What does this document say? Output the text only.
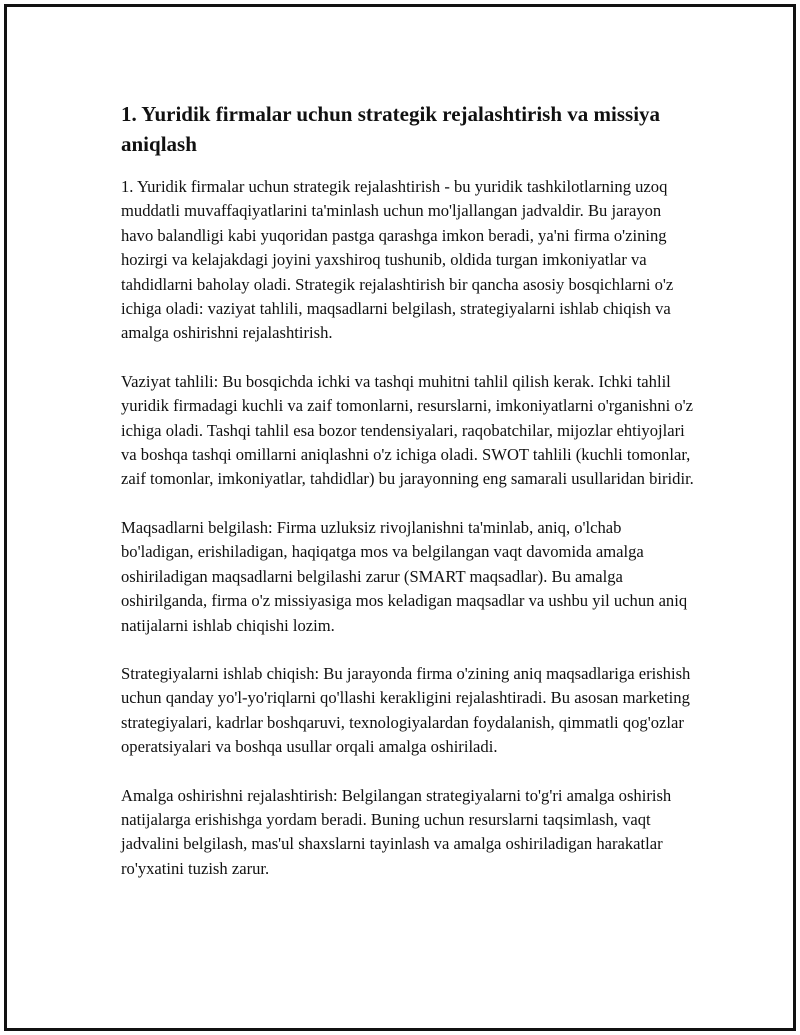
1. Yuridik firmalar uchun strategik rejalashtirish va missiya aniqlash

1. Yuridik firmalar uchun strategik rejalashtirish - bu yuridik tashkilotlarning uzoq muddatli muvaffaqiyatlarini ta'minlash uchun mo'ljallangan jadvaldir. Bu jarayon havo balandligi kabi yuqoridan pastga qarashga imkon beradi, ya'ni firma o'zining hozirgi va kelajakdagi joyini yaxshiroq tushunib, oldida turgan imkoniyatlar va tahdidlarni baholay oladi. Strategik rejalashtirish bir qancha asosiy bosqichlarni o'z ichiga oladi: vaziyat tahlili, maqsadlarni belgilash, strategiyalarni ishlab chiqish va amalga oshirishni rejalashtirish.

Vaziyat tahlili: Bu bosqichda ichki va tashqi muhitni tahlil qilish kerak. Ichki tahlil yuridik firmadagi kuchli va zaif tomonlarni, resurslarni, imkoniyatlarni o'rganishni o'z ichiga oladi. Tashqi tahlil esa bozor tendensiyalari, raqobatchilar, mijozlar ehtiyojlari va boshqa tashqi omillarni aniqlashni o'z ichiga oladi. SWOT tahlili (kuchli tomonlar, zaif tomonlar, imkoniyatlar, tahdidlar) bu jarayonning eng samarali usullaridan biridir.

Maqsadlarni belgilash: Firma uzluksiz rivojlanishni ta'minlab, aniq, o'lchab bo'ladigan, erishiladigan, haqiqatga mos va belgilangan vaqt davomida amalga oshiriladigan maqsadlarni belgilashi zarur (SMART maqsadlar). Bu amalga oshirilganda, firma o'z missiyasiga mos keladigan maqsadlar va ushbu yil uchun aniq natijalarni ishlab chiqishi lozim.

Strategiyalarni ishlab chiqish: Bu jarayonda firma o'zining aniq maqsadlariga erishish uchun qanday yo'l-yo'riqlarni qo'llashi kerakligini rejalashtiradi. Bu asosan marketing strategiyalari, kadrlar boshqaruvi, texnologiyalardan foydalanish, qimmatli qog'ozlar operatsiyalari va boshqa usullar orqali amalga oshiriladi.

Amalga oshirishni rejalashtirish: Belgilangan strategiyalarni to'g'ri amalga oshirish natijalarga erishishga yordam beradi. Buning uchun resurslarni taqsimlash, vaqt jadvalini belgilash, mas'ul shaxslarni tayinlash va amalga oshiriladigan harakatlar ro'yxatini tuzish zarur.
